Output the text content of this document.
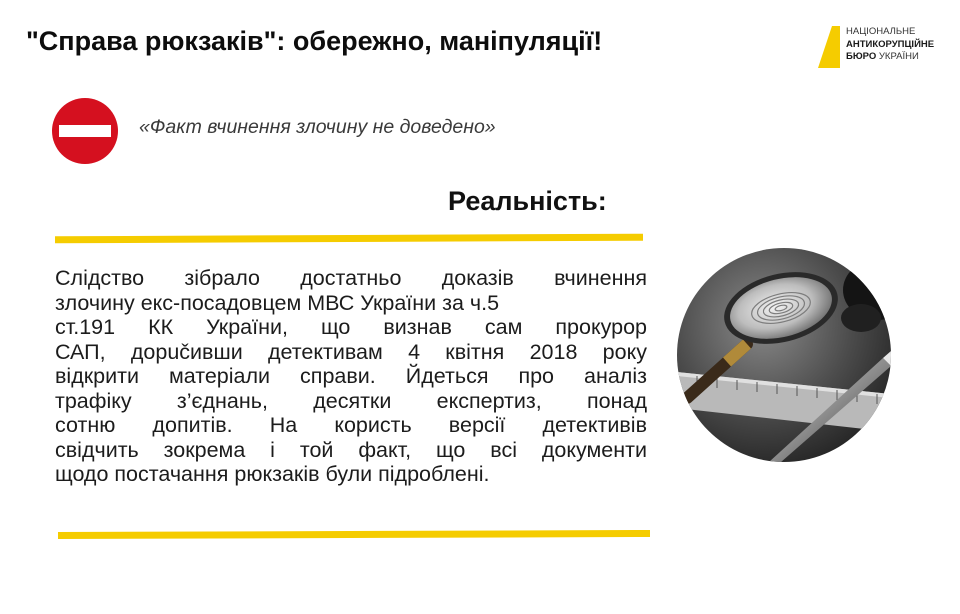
"Справа рюкзаків": обережно, маніпуляції!	НАЦІОНАЛЬНЕ
АНТИКОРУПЦІЙНЕ
БЮРО УКРАЇНИ
«Факт вчинення злочину не доведено»
Реальність:
Слідство зібрало достатньо доказів вчинення
злочину екс-посадовцем МВС України за ч.5
ст.191 КК України, що визнав сам прокурор
САП, дорučивши детективам 4 квітня 2018 року
відкрити матеріали справи. Йдеться про аналіз
трафіку з’єднань, десятки експертиз, понад
сотню допитів. На користь версії детективів
свідчить зокрема і той факт, що всі документи
щодо постачання рюкзаків були підроблені.
